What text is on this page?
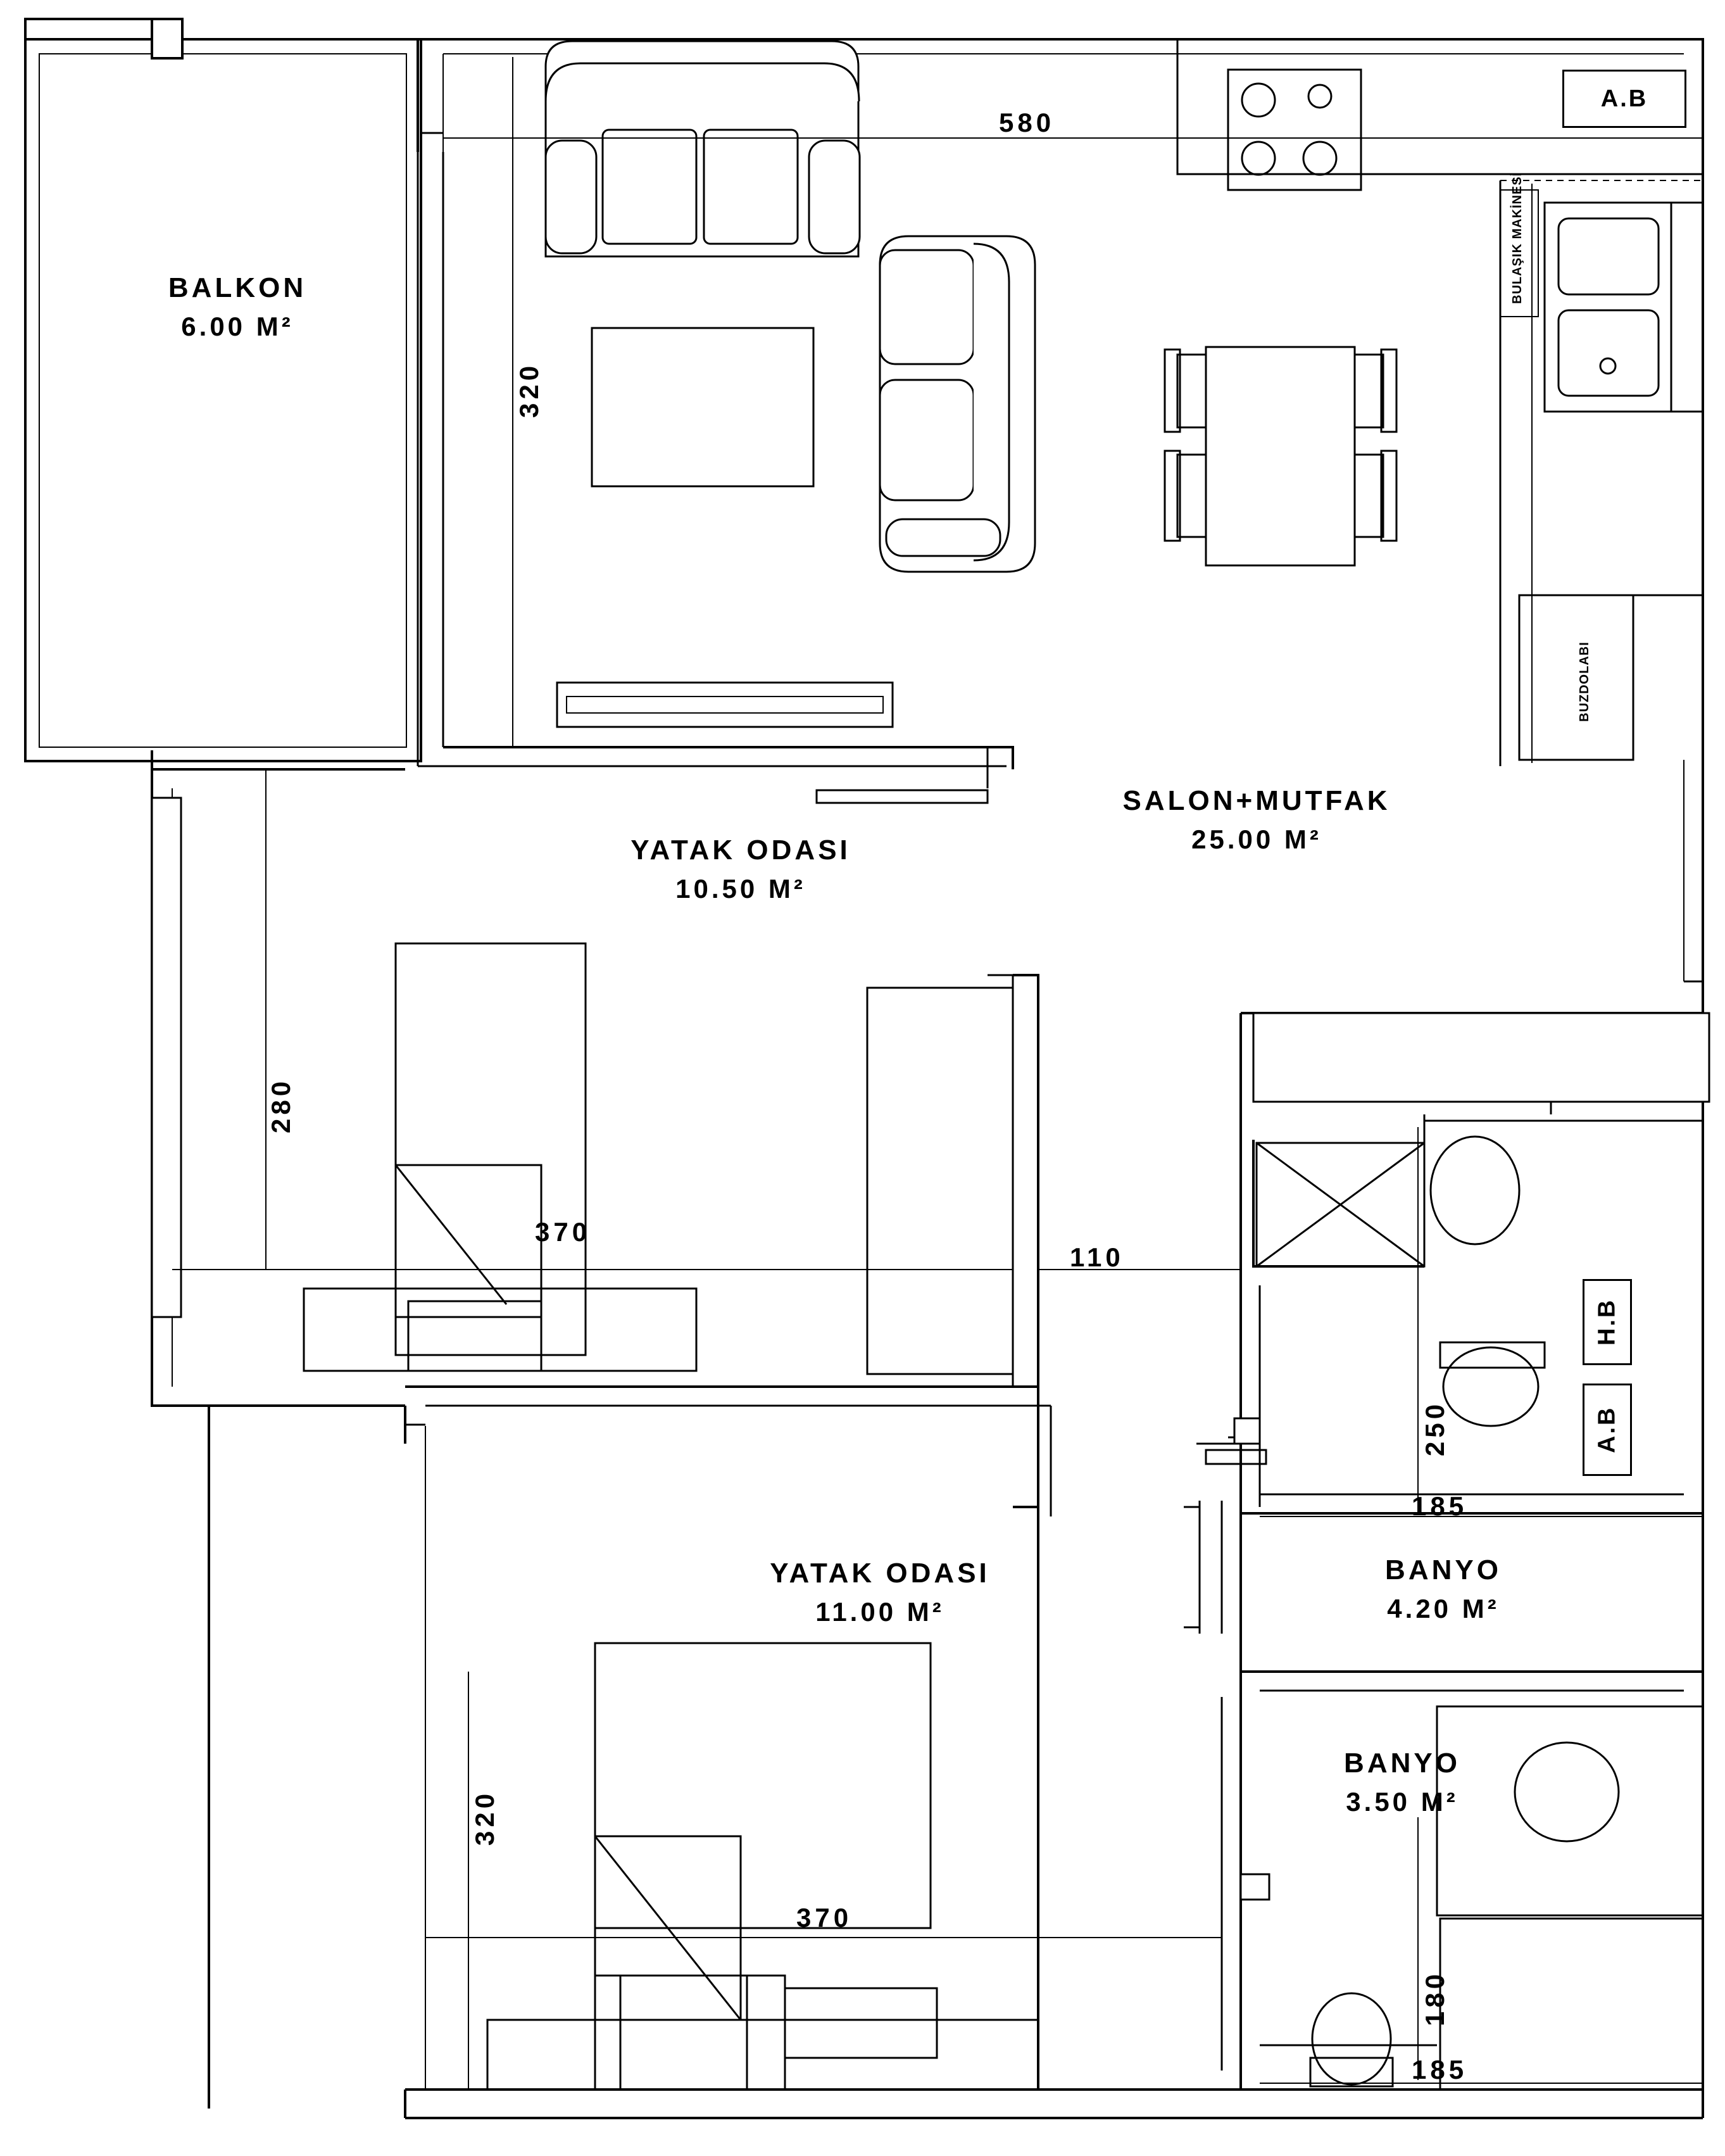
BALKON
6.00 M²
SALON+MUTFAK
25.00 M²
YATAK ODASI
10.50 M²
YATAK ODASI
11.00 M²
BANYO
4.20 M²
BANYO
3.50 M²
580
320
280
370
110
250
185
320
370
180
185
A.B
H.B
A.B
BULAŞIK MAKİNESİ
BUZDOLABI
